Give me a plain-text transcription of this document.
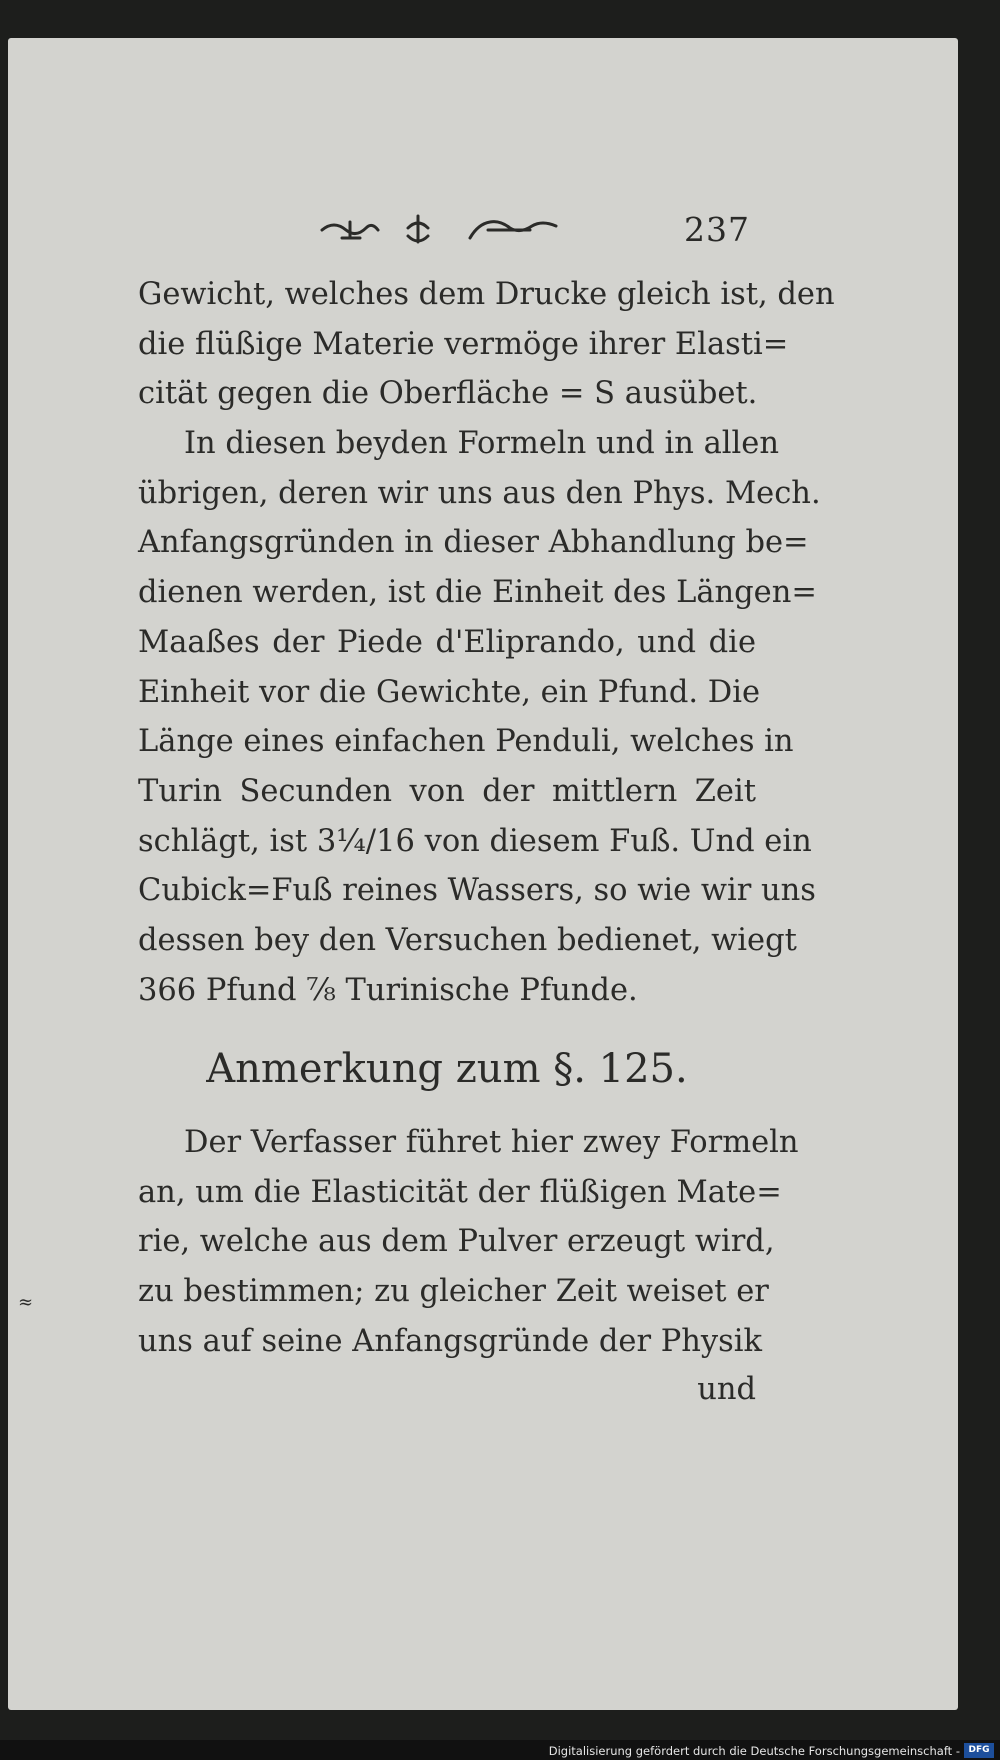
237
Gewicht, welches dem Drucke gleich ist, den
die flüßige Materie vermöge ihrer Elasti=
cität gegen die Oberfläche = S ausübet.
In diesen beyden Formeln und in allen
übrigen, deren wir uns aus den Phys. Mech.
Anfangsgründen in dieser Abhandlung be=
dienen werden, ist die Einheit des Längen=
Maaßes der Piede d'Eliprando, und die
Einheit vor die Gewichte, ein Pfund. Die
Länge eines einfachen Penduli, welches in
Turin Secunden von der mittlern Zeit
schlägt, ist 3¼/16 von diesem Fuß. Und ein
Cubick=Fuß reines Wassers, so wie wir uns
dessen bey den Versuchen bedienet, wiegt
366 Pfund ⅞ Turinische Pfunde.
Anmerkung zum §. 125.
Der Verfasser führet hier zwey Formeln
an, um die Elasticität der flüßigen Mate=
rie, welche aus dem Pulver erzeugt wird,
zu bestimmen; zu gleicher Zeit weiset er
uns auf seine Anfangsgründe der Physik
und
≈
Digitalisierung gefördert durch die Deutsche Forschungsgemeinschaft - DFG
